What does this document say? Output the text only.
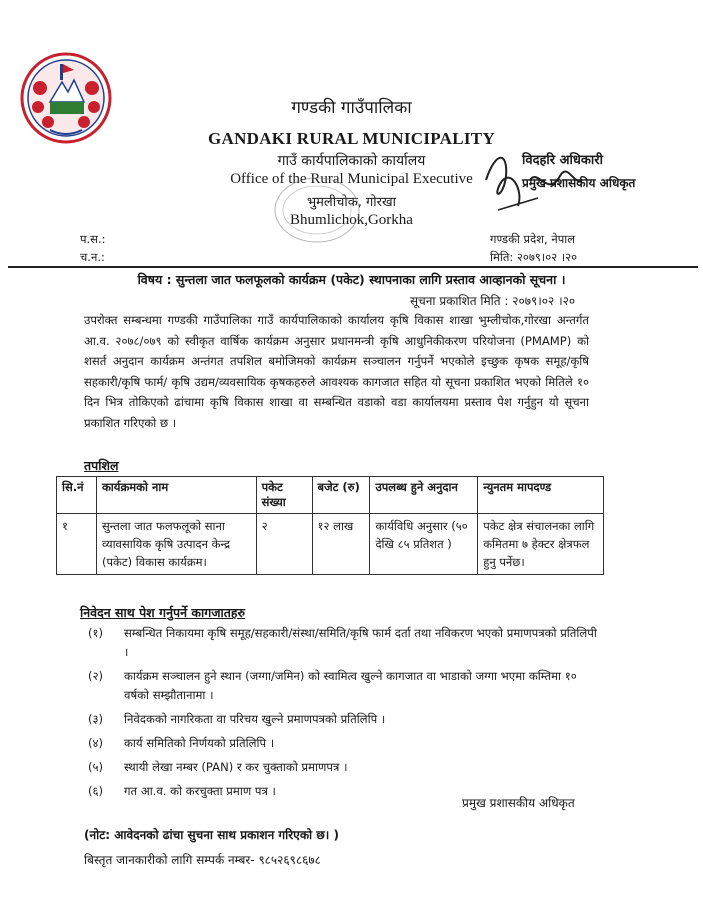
गण्डकी गाउँपालिका
GANDAKI RURAL MUNICIPALITY
गाउँ कार्यपालिकाको कार्यालय
Office of the Rural Municipal Executive
भुमलीचोक, गोरखा
Bhumlichok,Gorkha
विदहरि अधिकारी
प्रमुख प्रशासकीय अधिकृत
प.स.:
च.न.:
गण्डकी प्रदेश, नेपाल
मिति: २०७९।०२ ।२०
विषय : सुन्तला जात फलफूलको कार्यक्रम (पकेट) स्थापनाका लागि प्रस्ताव आव्हानको सूचना ।
सूचना प्रकाशित मिति : २०७९।०२ ।२०
उपरोक्त सम्बन्धमा गण्डकी गाउँपालिका गाउँ कार्यपालिकाको कार्यालय कृषि विकास शाखा भुम्लीचोक,गोरखा अन्तर्गत आ.व. २०७८/०७९ को स्वीकृत वार्षिक कार्यक्रम अनुसार प्रधानमन्त्री कृषि आधुनिकीकरण परियोजना (PMAMP) को शसर्त अनुदान कार्यक्रम अन्तंगत तपशिल बमोजिमको कार्यक्रम सञ्चालन गर्नुपर्ने भएकोले इच्छुक कृषक समूह/कृषि सहकारी/कृषि फार्म/ कृषि उद्यम/व्यवसायिक कृषकहरुले आवश्यक कागजात सहित यो सूचना प्रकाशित भएको मितिले १० दिन भित्र तोकिएको ढांचामा कृषि विकास शाखा वा सम्बन्धित वडाको वडा कार्यालयमा प्रस्ताव पेश गर्नुहुन यो सूचना प्रकाशित गरिएको छ ।
तपशिल
सि.नं	कार्यक्रमको नाम	पकेट संख्या	बजेट (रु)	उपलब्ध हुने अनुदान	न्युनतम मापदण्ड
१	सुन्तला जात फलफलूको साना व्यावसायिक कृषि उत्पादन केन्द्र (पकेट) विकास कार्यक्रम।	२	१२ लाख	कार्यविधि अनुसार (५० देखि ८५ प्रतिशत )	पकेट क्षेत्र संचालनका लागि कमितमा ७ हेक्टर क्षेत्रफल हुनु पर्नेछ।
निवेदन साथ पेश गर्नुपर्ने कागजातहरु
(१)	सम्बन्धित निकायमा कृषि समूह/सहकारी/संस्था/समिति/कृषि फार्म दर्ता तथा नविकरण भएको प्रमाणपत्रको प्रतिलिपी ।
(२)	कार्यक्रम सञ्चालन हुने स्थान (जग्गा/जमिन) को स्वामित्व खुल्ने कागजात वा भाडाको जग्गा भएमा कम्तिमा १० वर्षको सम्झौतानामा ।
(३)	निवेदकको नागरिकता वा परिचय खुल्ने प्रमाणपत्रको प्रतिलिपि ।
(४)	कार्य समितिको निर्णयको प्रतिलिपि ।
(५)	स्थायी लेखा नम्बर (PAN) र कर चुक्ताको प्रमाणपत्र ।
(६)	गत आ.व. को करचुक्ता प्रमाण पत्र ।
प्रमुख प्रशासकीय अधिकृत
(नोट: आवेदनको ढांचा सुचना साथ प्रकाशन गरिएको छ। )
बिस्तृत जानकारीको लागि सम्पर्क नम्बर- ९८५२६९८६७८
